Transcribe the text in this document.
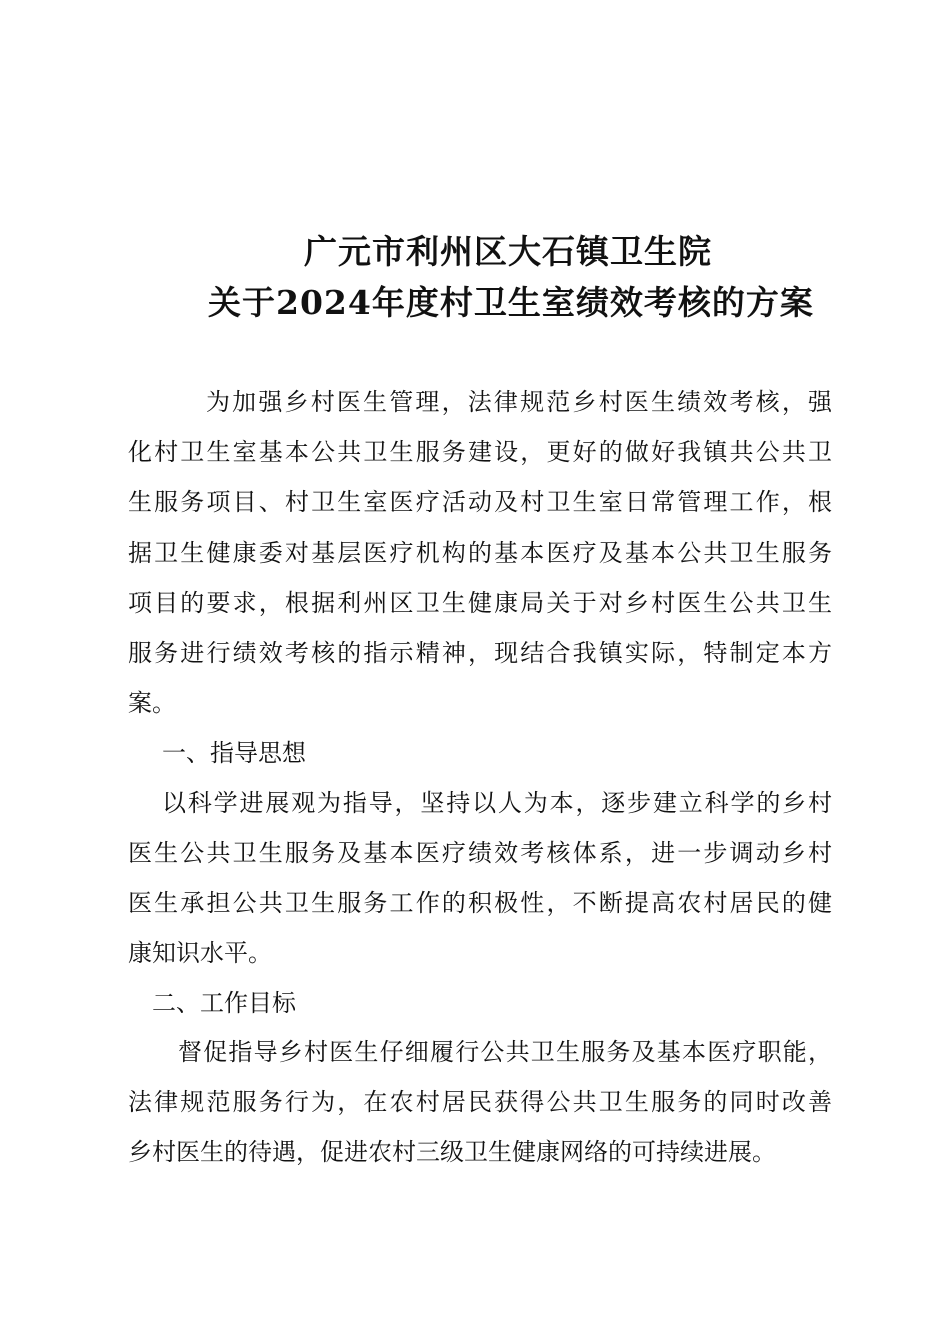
广元市利州区大石镇卫生院
关于2024年度村卫生室绩效考核的方案
为加强乡村医生管理，法律规范乡村医生绩效考核，强
化村卫生室基本公共卫生服务建设，更好的做好我镇共公共卫
生服务项目、村卫生室医疗活动及村卫生室日常管理工作，根
据卫生健康委对基层医疗机构的基本医疗及基本公共卫生服务
项目的要求，根据利州区卫生健康局关于对乡村医生公共卫生
服务进行绩效考核的指示精神，现结合我镇实际，特制定本方
案。
一、指导思想
以科学进展观为指导，坚持以人为本，逐步建立科学的乡村
医生公共卫生服务及基本医疗绩效考核体系，进一步调动乡村
医生承担公共卫生服务工作的积极性，不断提高农村居民的健
康知识水平。
二、工作目标
督促指导乡村医生仔细履行公共卫生服务及基本医疗职能，
法律规范服务行为，在农村居民获得公共卫生服务的同时改善
乡村医生的待遇，促进农村三级卫生健康网络的可持续进展。
